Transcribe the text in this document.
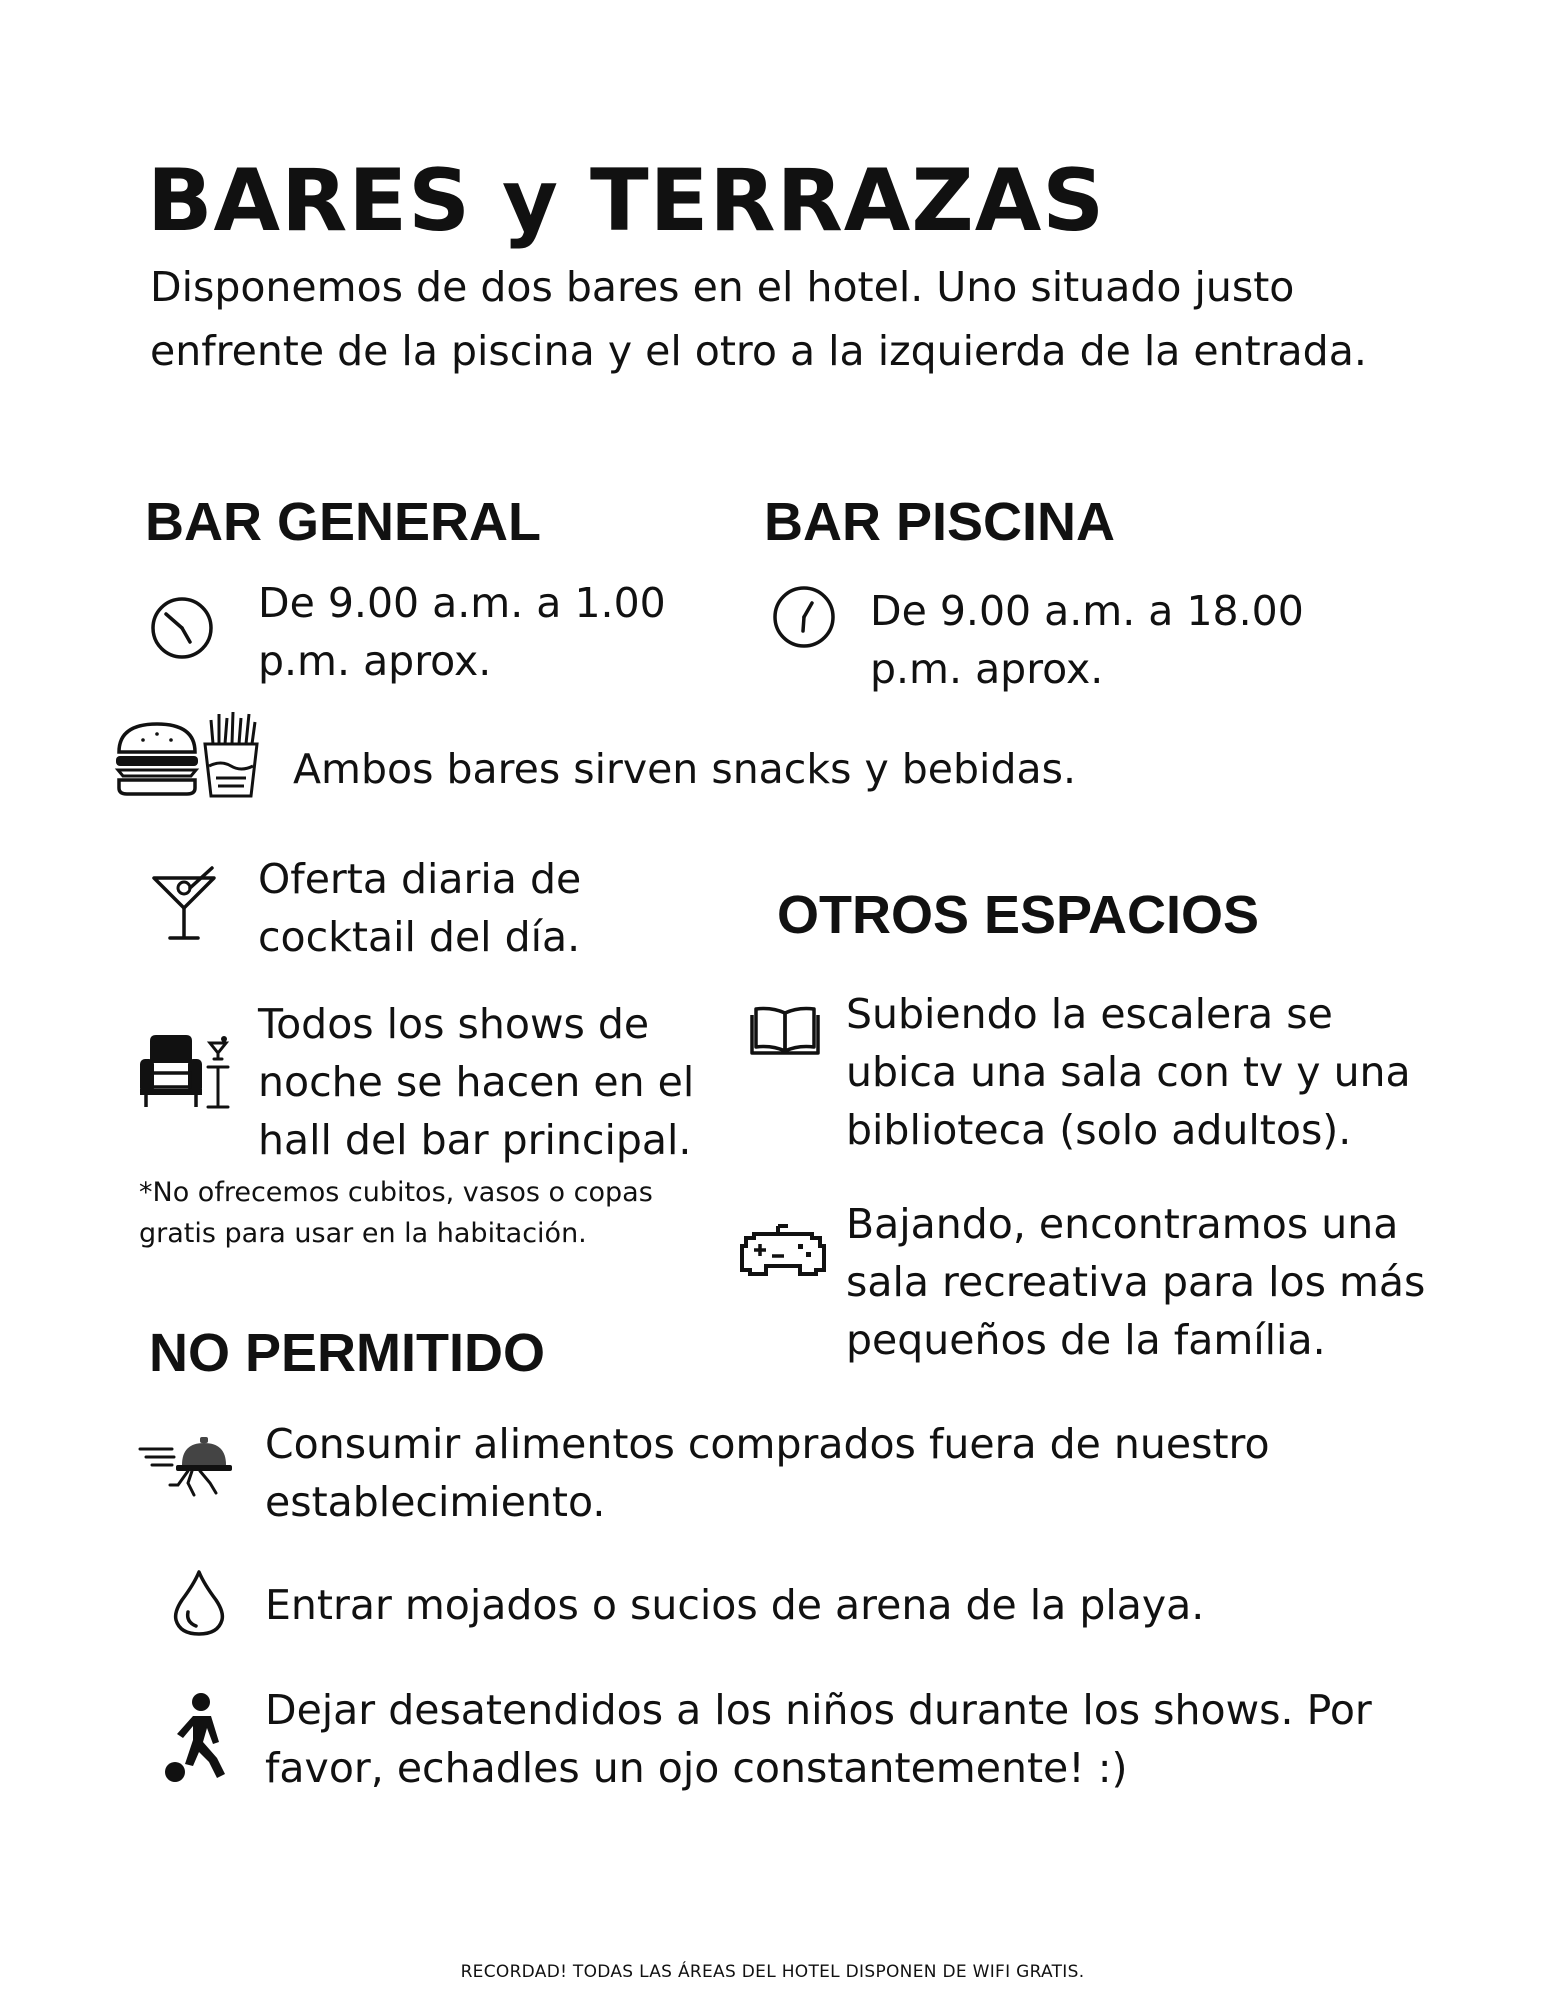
BARES y TERRAZAS
Disponemos de dos bares en el hotel. Uno situado justo enfrente de la piscina y el otro a la izquierda de la entrada.
BAR GENERAL
De 9.00 a.m. a 1.00 p.m. aprox.
BAR PISCINA
De 9.00 a.m. a 18.00 p.m. aprox.
Ambos bares sirven snacks y bebidas.
Oferta diaria de cocktail del día.
Todos los shows de noche se hacen en el hall del bar principal.
*No ofrecemos cubitos, vasos o copas gratis para usar en la habitación.
OTROS ESPACIOS
Subiendo la escalera se ubica una sala con tv y una biblioteca (solo adultos).
Bajando, encontramos una sala recreativa para los más pequeños de la família.
NO PERMITIDO
Consumir alimentos comprados fuera de nuestro establecimiento.
Entrar mojados o sucios de arena de la playa.
Dejar desatendidos a los niños durante los shows. Por favor, echadles un ojo constantemente! :)
RECORDAD! TODAS LAS ÁREAS DEL HOTEL DISPONEN DE WIFI GRATIS.
